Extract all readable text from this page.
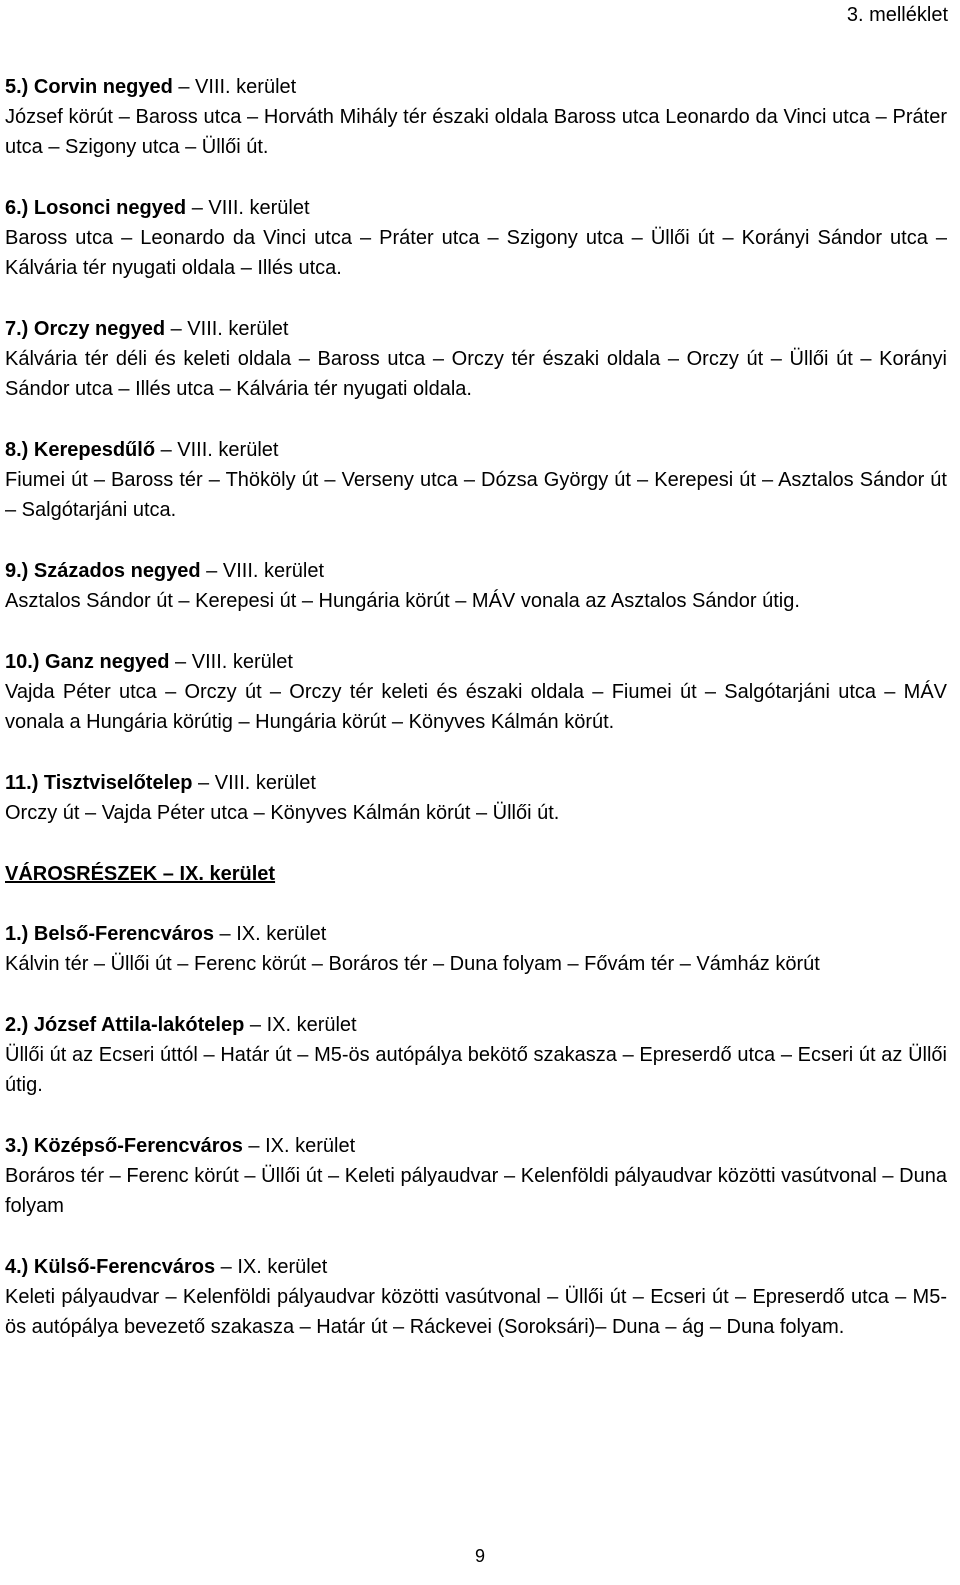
3. melléklet
5.) Corvin negyed – VIII. kerület
József körút – Baross utca – Horváth Mihály tér északi oldala Baross utca Leonardo da Vinci utca – Práter utca – Szigony utca – Üllői út.
6.) Losonci negyed – VIII. kerület
Baross utca – Leonardo da Vinci utca – Práter utca – Szigony utca – Üllői út – Korányi Sándor utca – Kálvária tér nyugati oldala – Illés utca.
7.) Orczy negyed – VIII. kerület
Kálvária tér déli és keleti oldala – Baross utca – Orczy tér északi oldala – Orczy út – Üllői út – Korányi Sándor utca – Illés utca – Kálvária tér nyugati oldala.
8.) Kerepesdűlő – VIII. kerület
Fiumei út – Baross tér – Thököly út – Verseny utca – Dózsa György út – Kerepesi út – Asztalos Sándor út – Salgótarjáni utca.
9.) Százados negyed – VIII. kerület
Asztalos Sándor út – Kerepesi út – Hungária körút – MÁV vonala az Asztalos Sándor útig.
10.) Ganz negyed – VIII. kerület
Vajda Péter utca – Orczy út – Orczy tér keleti és északi oldala – Fiumei út – Salgótarjáni utca – MÁV vonala a Hungária körútig – Hungária körút – Könyves Kálmán körút.
11.) Tisztviselőtelep – VIII. kerület
Orczy út – Vajda Péter utca – Könyves Kálmán körút – Üllői út.
VÁROSRÉSZEK – IX. kerület
1.) Belső-Ferencváros – IX. kerület
Kálvin tér – Üllői út – Ferenc körút – Boráros tér – Duna folyam – Fővám tér – Vámház körút
2.) József Attila-lakótelep – IX. kerület
Üllői út az Ecseri úttól – Határ út – M5-ös autópálya bekötő szakasza – Epreserdő utca – Ecseri út az Üllői útig.
3.) Középső-Ferencváros – IX. kerület
Boráros tér – Ferenc körút – Üllői út – Keleti pályaudvar – Kelenföldi pályaudvar közötti vasútvonal – Duna folyam
4.) Külső-Ferencváros – IX. kerület
Keleti pályaudvar – Kelenföldi pályaudvar közötti vasútvonal – Üllői út – Ecseri út – Epreserdő utca – M5-ös autópálya bevezető szakasza – Határ út – Ráckevei (Soroksári)– Duna – ág – Duna folyam.
9
